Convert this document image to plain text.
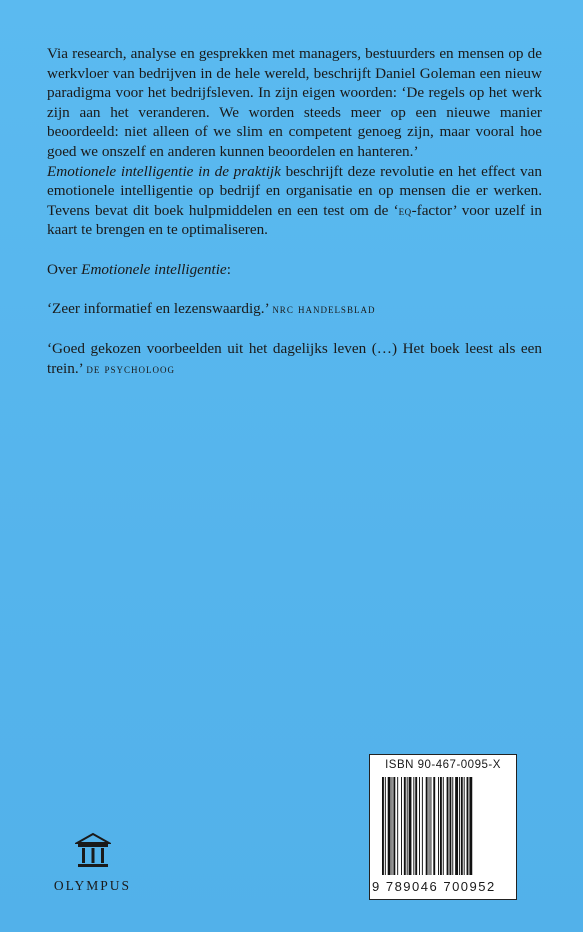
Via research, analyse en gesprekken met managers, bestuurders en mensen op de werkvloer van bedrijven in de hele wereld, beschrijft Daniel Goleman een nieuw paradigma voor het bedrijfsleven. In zijn eigen woorden: ‘De regels op het werk zijn aan het veranderen. We worden steeds meer op een nieuwe manier beoordeeld: niet alleen of we slim en competent genoeg zijn, maar vooral hoe goed we onszelf en anderen kunnen beoordelen en hanteren.’

Emotionele intelligentie in de praktijk beschrijft deze revolutie en het effect van emotionele intelligentie op bedrijf en organisatie en op mensen die er werken. Tevens bevat dit boek hulpmiddelen en een test om de ‘eq-factor’ voor uzelf in kaart te brengen en te optimaliseren.

Over Emotionele intelligentie:

‘Zeer informatief en lezenswaardig.’ nrc handelsblad

‘Goed gekozen voorbeelden uit het dagelijks leven (…) Het boek leest als een trein.’ de psycholoog

OLYMPUS
ISBN 90-467-0095-X
9 789046 700952
